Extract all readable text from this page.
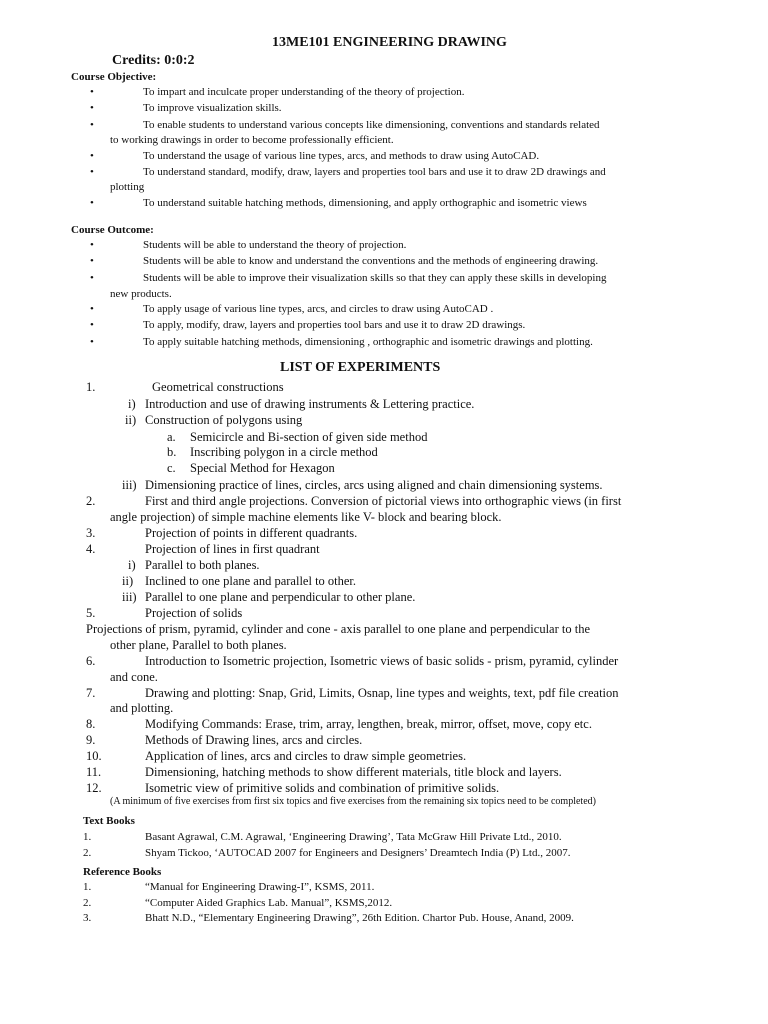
13ME101 ENGINEERING DRAWING
Credits: 0:0:2
Course Objective:
•	To impart and inculcate proper understanding of the theory of projection.
•	To improve visualization skills.
•	To enable students to understand various concepts like dimensioning, conventions and standards related
to working drawings in order to become professionally efficient.
•	To understand the usage of various line types, arcs, and methods to draw using AutoCAD.
•	To understand standard, modify, draw, layers and properties tool bars and use it to draw 2D drawings and
plotting
•	To understand suitable hatching methods, dimensioning, and apply orthographic and isometric views
Course Outcome:
•	Students will be able to understand the theory of projection.
•	Students will be able to know and understand the conventions and the methods of engineering drawing.
•	Students will be able to improve their visualization skills so that they can apply these skills in developing
new products.
•	To apply usage of various line types, arcs, and circles to draw using AutoCAD .
•	To apply, modify, draw, layers and properties tool bars and use it to draw 2D drawings.
•	To apply suitable hatching methods, dimensioning , orthographic and isometric drawings and plotting.
LIST OF EXPERIMENTS
1.	Geometrical constructions
i) Introduction and use of drawing instruments & Lettering practice.
ii) Construction of polygons using
a. Semicircle and Bi-section of given side method
b. Inscribing polygon in a circle method
c. Special Method for Hexagon
iii) Dimensioning practice of lines, circles, arcs using aligned and chain dimensioning systems.
2.	First and third angle projections. Conversion of pictorial views into orthographic views (in first
angle projection) of simple machine elements like V- block and bearing block.
3.	Projection of points in different quadrants.
4.	Projection of lines in first quadrant
i) Parallel to both planes.
ii) Inclined to one plane and parallel to other.
iii) Parallel to one plane and perpendicular to other plane.
5.	Projection of solids
Projections of prism, pyramid, cylinder and cone - axis parallel to one plane and perpendicular to the
other plane, Parallel to both planes.
6.	Introduction to Isometric projection, Isometric views of basic solids - prism, pyramid, cylinder
and cone.
7.	Drawing and plotting: Snap, Grid, Limits, Osnap, line types and weights, text, pdf file creation
and plotting.
8.	Modifying Commands: Erase, trim, array, lengthen, break, mirror, offset, move, copy etc.
9.	Methods of Drawing lines, arcs and circles.
10.	Application of lines, arcs and circles to draw simple geometries.
11.	Dimensioning, hatching methods to show different materials, title block and layers.
12.	Isometric view of primitive solids and combination of primitive solids.
(A minimum of five exercises from first six topics and five exercises from the remaining six topics need to be completed)
Text Books
1.	Basant Agrawal, C.M. Agrawal, ‘Engineering Drawing’, Tata McGraw Hill Private Ltd., 2010.
2.	Shyam Tickoo, ‘AUTOCAD 2007 for Engineers and Designers’ Dreamtech India (P) Ltd., 2007.
Reference Books
1.	“Manual for Engineering Drawing-I”, KSMS, 2011.
2.	“Computer Aided Graphics Lab. Manual”, KSMS,2012.
3.	Bhatt N.D., “Elementary Engineering Drawing”, 26th Edition. Chartor Pub. House, Anand, 2009.
